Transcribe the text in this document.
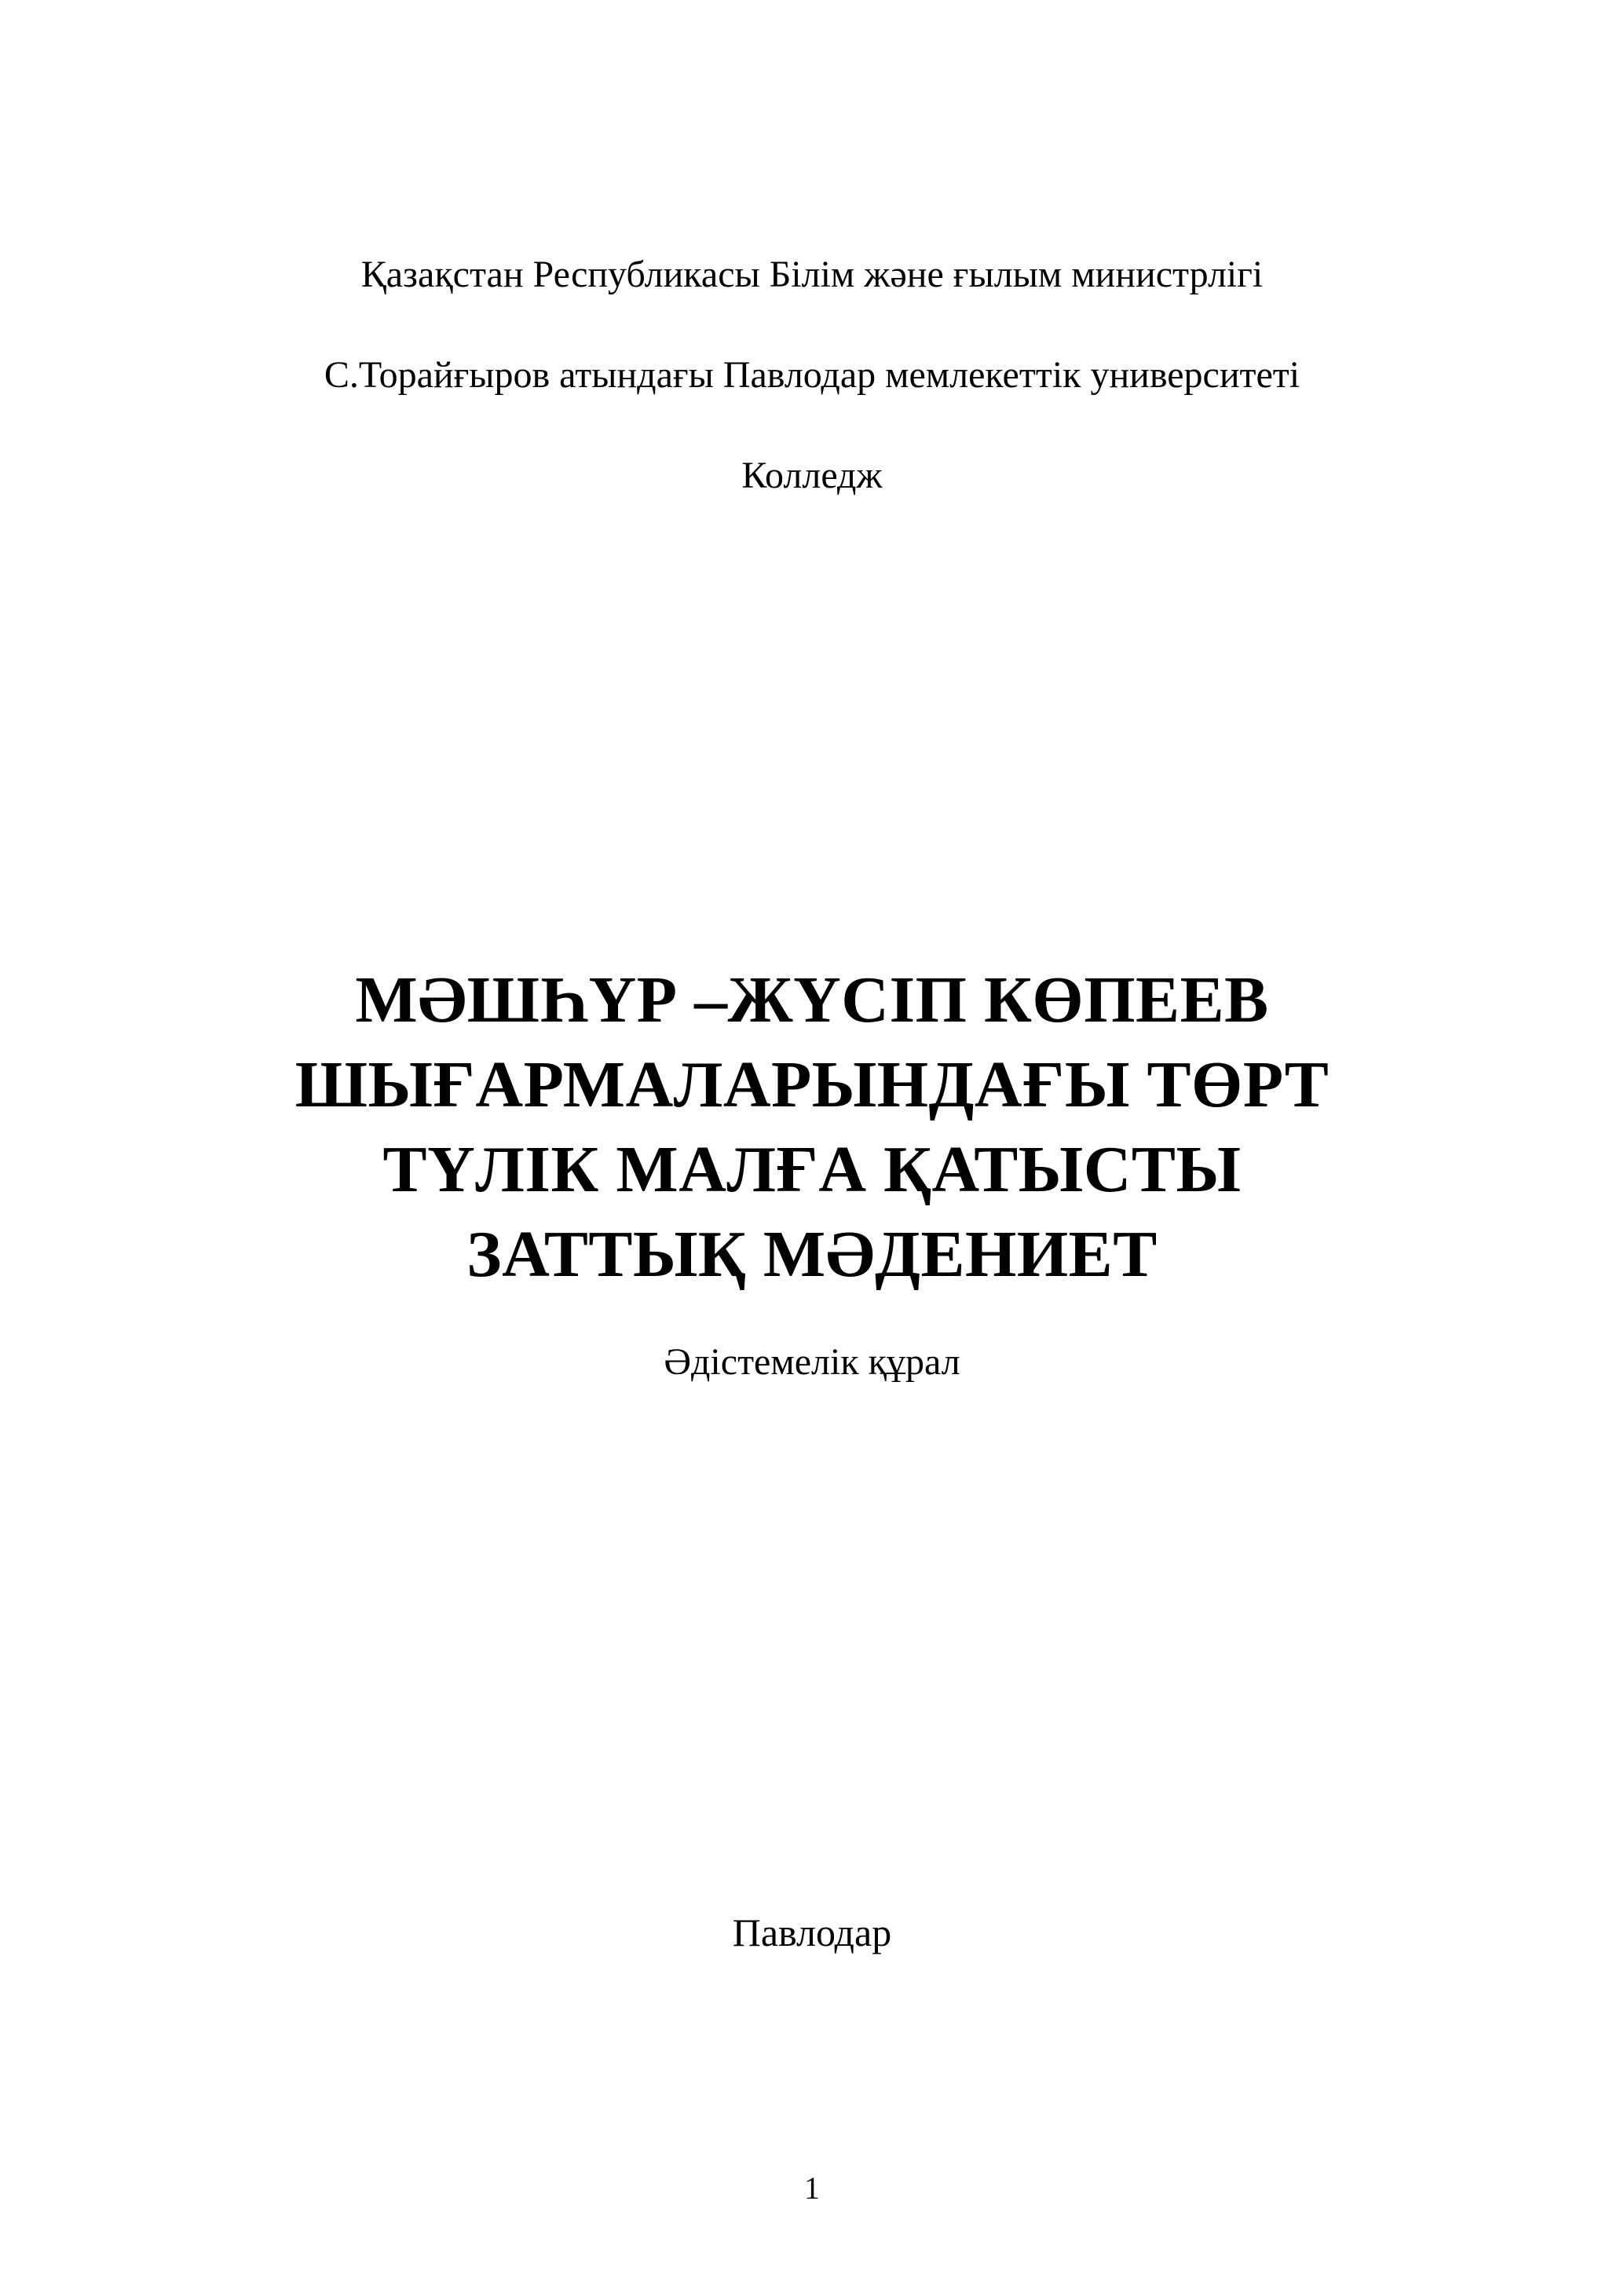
Қазақстан Республикасы Білім және ғылым министрлігі
С.Торайғыров атындағы Павлодар мемлекеттік университеті
Колледж
МӘШҺҮР –ЖҮСІП КӨПЕЕВ
ШЫҒАРМАЛАРЫНДАҒЫ ТӨРТ
ТҮЛІК МАЛҒА ҚАТЫСТЫ
ЗАТТЫҚ МӘДЕНИЕТ
Әдістемелік құрал
Павлодар
1
